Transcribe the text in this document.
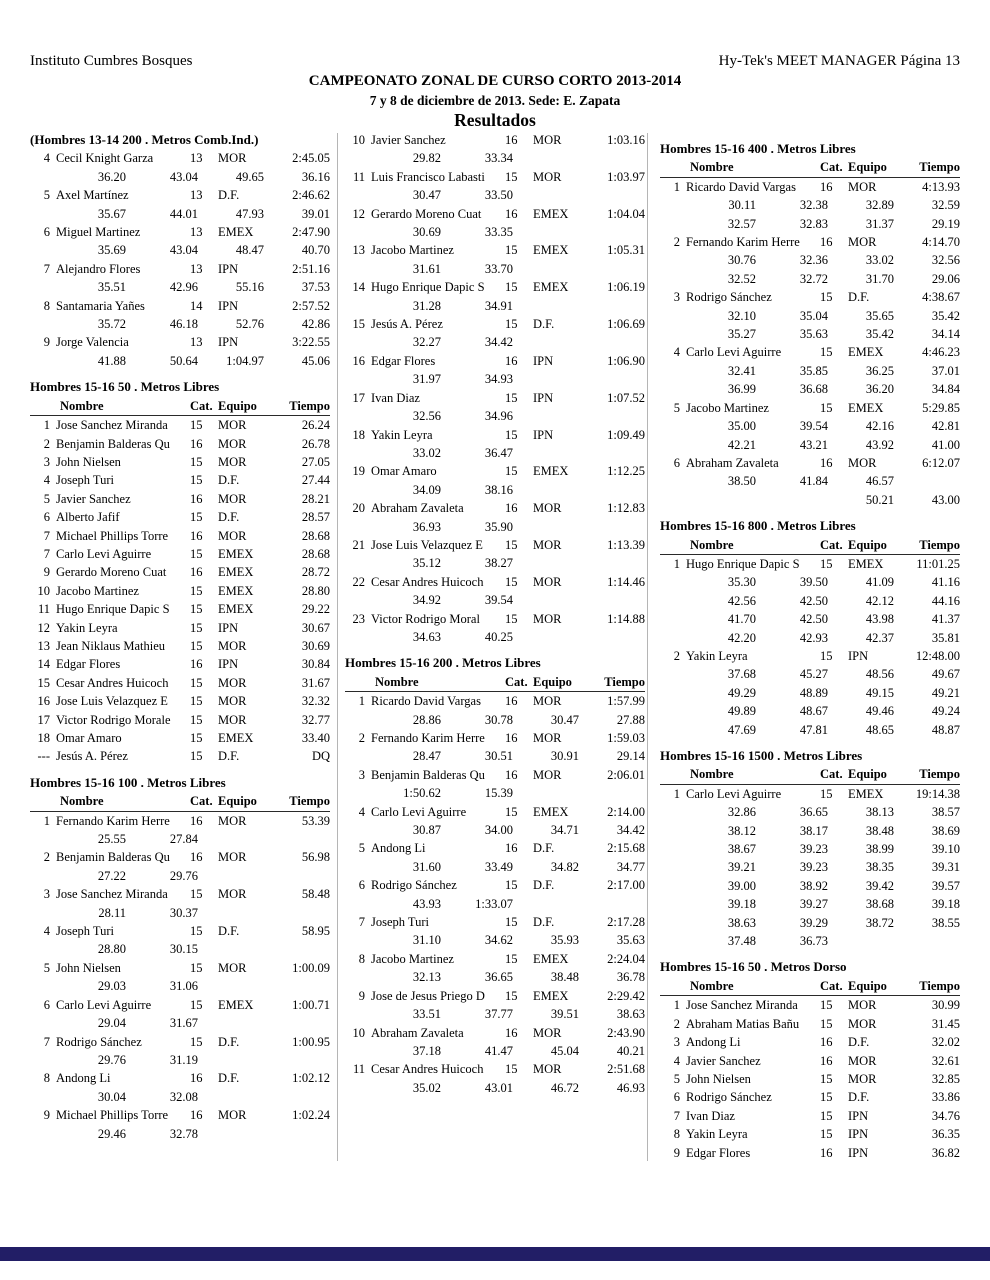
Instituto Cumbres Bosques	Hy-Tek's MEET MANAGER Página 13
CAMPEONATO ZONAL DE CURSO CORTO 2013-2014
7 y 8 de diciembre de 2013. Sede: E. Zapata
Resultados
(Hombres 13-14 200 . Metros Comb.Ind.)
4 Cecil Knight Garza	13	MOR	2:45.05
36.20	43.04	49.65	36.16
5 Axel Martínez	13	D.F.	2:46.62
35.67	44.01	47.93	39.01
6 Miguel Martinez	13	EMEX	2:47.90
35.69	43.04	48.47	40.70
7 Alejandro Flores	13	IPN	2:51.16
35.51	42.96	55.16	37.53
8 Santamaria Yañes	14	IPN	2:57.52
35.72	46.18	52.76	42.86
9 Jorge Valencia	13	IPN	3:22.55
41.88	50.64	1:04.97	45.06
Hombres 15-16 50 . Metros Libres
Nombre	Cat. Equipo	Tiempo
1 Jose Sanchez Miranda	15	MOR	26.24
2 Benjamin Balderas Qu	16	MOR	26.78
3 John Nielsen	15	MOR	27.05
4 Joseph Turi	15	D.F.	27.44
5 Javier Sanchez	16	MOR	28.21
6 Alberto Jafif	15	D.F.	28.57
7 Michael Phillips Torre	16	MOR	28.68
7 Carlo Levi Aguirre	15	EMEX	28.68
9 Gerardo Moreno Cuat	16	EMEX	28.72
10 Jacobo Martinez	15	EMEX	28.80
11 Hugo Enrique Dapic S	15	EMEX	29.22
12 Yakin Leyra	15	IPN	30.67
13 Jean Niklaus Mathieu	15	MOR	30.69
14 Edgar Flores	16	IPN	30.84
15 Cesar Andres Huicoch	15	MOR	31.67
16 Jose Luis Velazquez E	15	MOR	32.32
17 Victor Rodrigo Morale	15	MOR	32.77
18 Omar Amaro	15	EMEX	33.40
--- Jesús A. Pérez	15	D.F.	DQ
Hombres 15-16 100 . Metros Libres
Nombre	Cat. Equipo	Tiempo
1 Fernando Karim Herre	16	MOR	53.39
25.55	27.84
2 Benjamin Balderas Qu	16	MOR	56.98
27.22	29.76
3 Jose Sanchez Miranda	15	MOR	58.48
28.11	30.37
4 Joseph Turi	15	D.F.	58.95
28.80	30.15
5 John Nielsen	15	MOR	1:00.09
29.03	31.06
6 Carlo Levi Aguirre	15	EMEX	1:00.71
29.04	31.67
7 Rodrigo Sánchez	15	D.F.	1:00.95
29.76	31.19
8 Andong Li	16	D.F.	1:02.12
30.04	32.08
9 Michael Phillips Torre	16	MOR	1:02.24
29.46	32.78
10 Javier Sanchez	16	MOR	1:03.16
29.82	33.34
11 Luis Francisco Labasti	15	MOR	1:03.97
30.47	33.50
12 Gerardo Moreno Cuat	16	EMEX	1:04.04
30.69	33.35
13 Jacobo Martinez	15	EMEX	1:05.31
31.61	33.70
14 Hugo Enrique Dapic S	15	EMEX	1:06.19
31.28	34.91
15 Jesús A. Pérez	15	D.F.	1:06.69
32.27	34.42
16 Edgar Flores	16	IPN	1:06.90
31.97	34.93
17 Ivan Diaz	15	IPN	1:07.52
32.56	34.96
18 Yakin Leyra	15	IPN	1:09.49
33.02	36.47
19 Omar Amaro	15	EMEX	1:12.25
34.09	38.16
20 Abraham Zavaleta	16	MOR	1:12.83
36.93	35.90
21 Jose Luis Velazquez E	15	MOR	1:13.39
35.12	38.27
22 Cesar Andres Huicoch	15	MOR	1:14.46
34.92	39.54
23 Victor Rodrigo Moral	15	MOR	1:14.88
34.63	40.25
Hombres 15-16 200 . Metros Libres
Nombre	Cat. Equipo	Tiempo
1 Ricardo David Vargas	16	MOR	1:57.99
28.86	30.78	30.47	27.88
2 Fernando Karim Herre	16	MOR	1:59.03
28.47	30.51	30.91	29.14
3 Benjamin Balderas Qu	16	MOR	2:06.01
1:50.62	15.39
4 Carlo Levi Aguirre	15	EMEX	2:14.00
30.87	34.00	34.71	34.42
5 Andong Li	16	D.F.	2:15.68
31.60	33.49	34.82	34.77
6 Rodrigo Sánchez	15	D.F.	2:17.00
43.93	1:33.07
7 Joseph Turi	15	D.F.	2:17.28
31.10	34.62	35.93	35.63
8 Jacobo Martinez	15	EMEX	2:24.04
32.13	36.65	38.48	36.78
9 Jose de Jesus Priego D	15	EMEX	2:29.42
33.51	37.77	39.51	38.63
10 Abraham Zavaleta	16	MOR	2:43.90
37.18	41.47	45.04	40.21
11 Cesar Andres Huicoch	15	MOR	2:51.68
35.02	43.01	46.72	46.93
Hombres 15-16 400 . Metros Libres
Nombre	Cat. Equipo	Tiempo
1 Ricardo David Vargas	16	MOR	4:13.93
30.11	32.38	32.89	32.59
32.57	32.83	31.37	29.19
2 Fernando Karim Herre	16	MOR	4:14.70
30.76	32.36	33.02	32.56
32.52	32.72	31.70	29.06
3 Rodrigo Sánchez	15	D.F.	4:38.67
32.10	35.04	35.65	35.42
35.27	35.63	35.42	34.14
4 Carlo Levi Aguirre	15	EMEX	4:46.23
32.41	35.85	36.25	37.01
36.99	36.68	36.20	34.84
5 Jacobo Martinez	15	EMEX	5:29.85
35.00	39.54	42.16	42.81
42.21	43.21	43.92	41.00
6 Abraham Zavaleta	16	MOR	6:12.07
38.50	41.84	46.57
50.21	43.00
Hombres 15-16 800 . Metros Libres
Nombre	Cat. Equipo	Tiempo
1 Hugo Enrique Dapic S	15	EMEX	11:01.25
35.30	39.50	41.09	41.16
42.56	42.50	42.12	44.16
41.70	42.50	43.98	41.37
42.20	42.93	42.37	35.81
2 Yakin Leyra	15	IPN	12:48.00
37.68	45.27	48.56	49.67
49.29	48.89	49.15	49.21
49.89	48.67	49.46	49.24
47.69	47.81	48.65	48.87
Hombres 15-16 1500 . Metros Libres
Nombre	Cat. Equipo	Tiempo
1 Carlo Levi Aguirre	15	EMEX	19:14.38
32.86	36.65	38.13	38.57
38.12	38.17	38.48	38.69
38.67	39.23	38.99	39.10
39.21	39.23	38.35	39.31
39.00	38.92	39.42	39.57
39.18	39.27	38.68	39.18
38.63	39.29	38.72	38.55
37.48	36.73
Hombres 15-16 50 . Metros Dorso
Nombre	Cat. Equipo	Tiempo
1 Jose Sanchez Miranda	15	MOR	30.99
2 Abraham Matias Bañu	15	MOR	31.45
3 Andong Li	16	D.F.	32.02
4 Javier Sanchez	16	MOR	32.61
5 John Nielsen	15	MOR	32.85
6 Rodrigo Sánchez	15	D.F.	33.86
7 Ivan Diaz	15	IPN	34.76
8 Yakin Leyra	15	IPN	36.35
9 Edgar Flores	16	IPN	36.82
